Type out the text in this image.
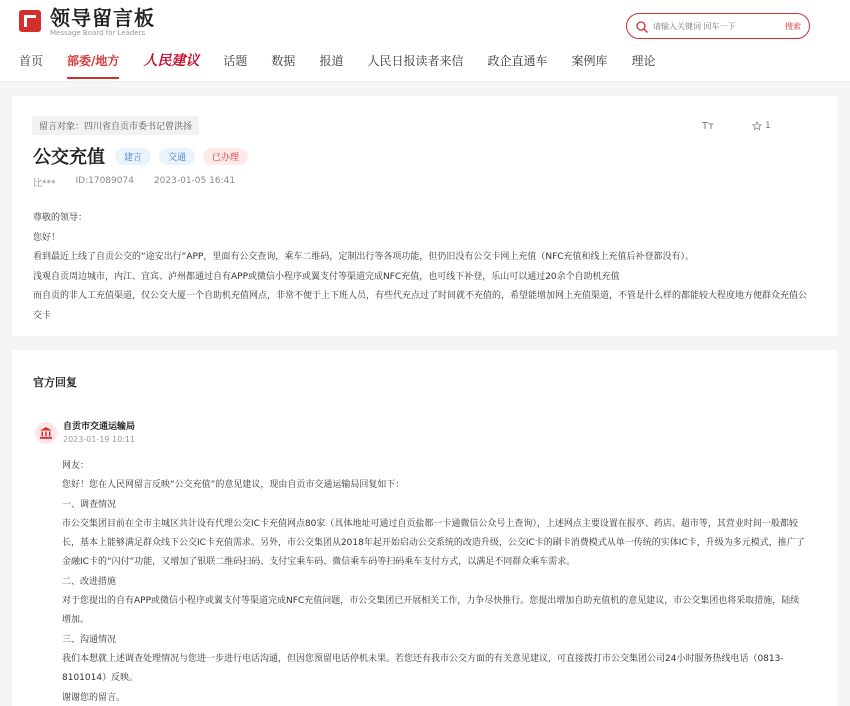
领导留言板
Message Board for Leaders
请输入关键词 回车一下
搜索
首页 部委/地方 人民建议 话题 数据 报道 人民日报读者来信 政企直通车 案例库 理论
留言对象：四川省自贡市委书记曾洪扬	Tт	1
公交充值	建言	交通	已办理
比*** ID:17089074 2023-01-05 16:41
尊敬的领导：
您好！
看到最近上线了自贡公交的“途安出行”APP，里面有公交查询，乘车二维码，定制出行等各项功能，但仍旧没有公交卡网上充值（NFC充值和线上充值后补登都没有）。
浅观自贡周边城市，内江、宜宾、泸州都通过自有APP或微信小程序或翼支付等渠道完成NFC充值，也可线下补登，乐山可以通过20余个自助机充值
而自贡的非人工充值渠道，仅公交大厦一个自助机充值网点，非常不便于上下班人员，有些代充点过了时间就不充值的，希望能增加网上充值渠道，不管是什么样的都能较大程度地方便群众充值公交卡
官方回复
自贡市交通运输局
2023-01-19 10:11
网友：
您好！您在人民网留言反映“公交充值”的意见建议，现由自贡市交通运输局回复如下：
一、调查情况
市公交集团目前在全市主城区共计设有代理公交IC卡充值网点80家（具体地址可通过自贡盐都一卡通微信公众号上查询），上述网点主要设置在报亭、药店、超市等，其营业时间一般都较长，基本上能够满足群众线下公交IC卡充值需求。另外，市公交集团从2018年起开始启动公交系统的改造升级，公交IC卡的刷卡消费模式从单一传统的实体IC卡，升级为多元模式，推广了金融IC卡的“闪付”功能，又增加了银联二维码扫码、支付宝乘车码、微信乘车码等扫码乘车支付方式，以满足不同群众乘车需求。
二、改进措施
对于您提出的自有APP或微信小程序或翼支付等渠道完成NFC充值问题，市公交集团已开展相关工作，力争尽快推行。您提出增加自助充值机的意见建议，市公交集团也将采取措施，陆续增加。
三、沟通情况
我们本想就上述调查处理情况与您进一步进行电话沟通，但因您预留电话停机未果。若您还有我市公交方面的有关意见建议，可直接拨打市公交集团公司24小时服务热线电话（0813-8101014）反映。
谢谢您的留言。
